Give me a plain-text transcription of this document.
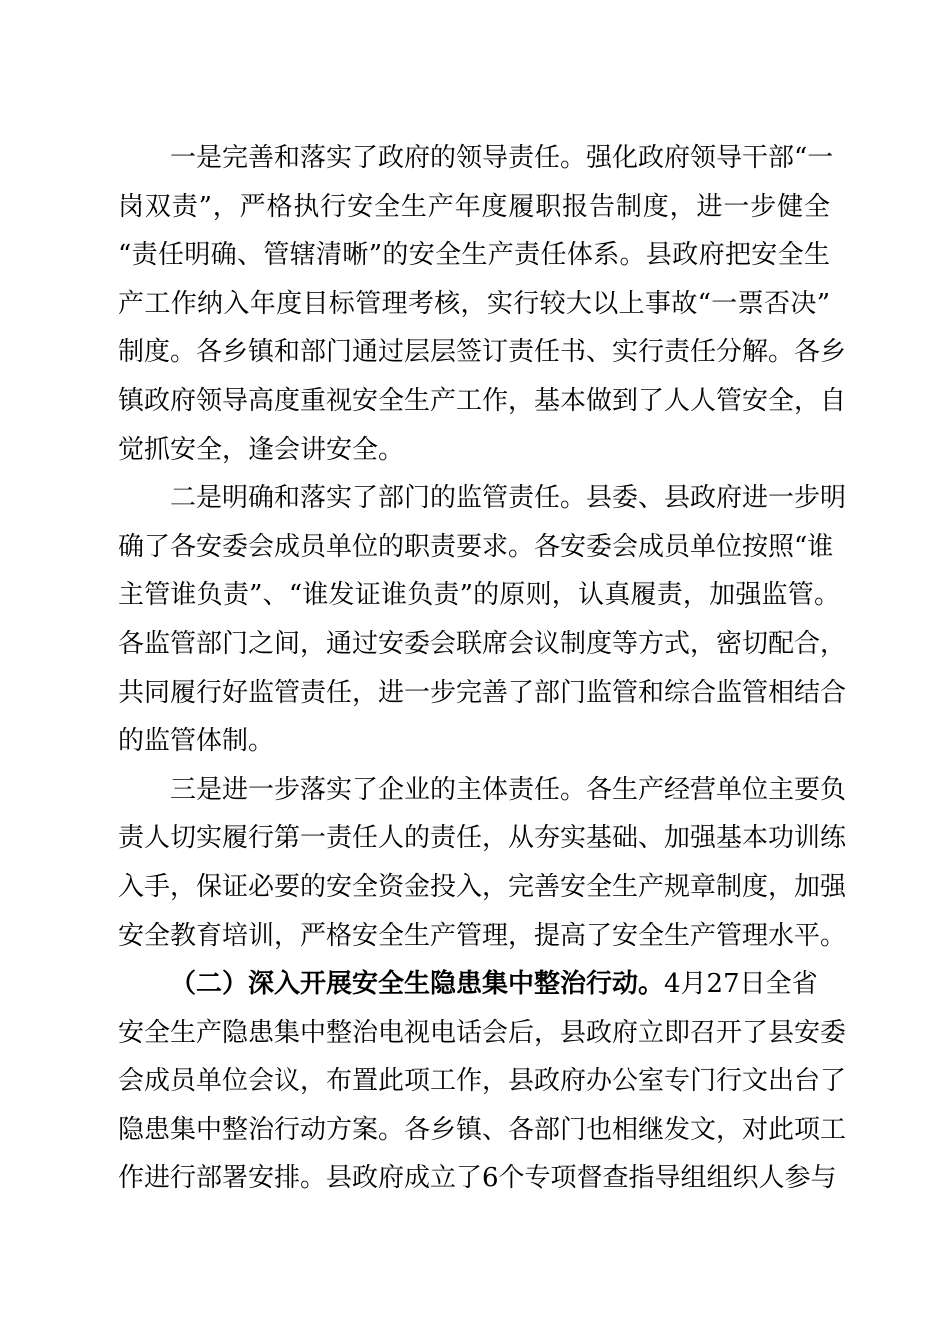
一是完善和落实了政府的领导责任。强化政府领导干部“一
岗双责”，严格执行安全生产年度履职报告制度，进一步健全
“责任明确、管辖清晰”的安全生产责任体系。县政府把安全生
产工作纳入年度目标管理考核，实行较大以上事故“一票否决”
制度。各乡镇和部门通过层层签订责任书、实行责任分解。各乡
镇政府领导高度重视安全生产工作，基本做到了人人管安全，自
觉抓安全，逢会讲安全。
二是明确和落实了部门的监管责任。县委、县政府进一步明
确了各安委会成员单位的职责要求。各安委会成员单位按照“谁
主管谁负责”、“谁发证谁负责”的原则，认真履责，加强监管。
各监管部门之间，通过安委会联席会议制度等方式，密切配合，
共同履行好监管责任，进一步完善了部门监管和综合监管相结合
的监管体制。
三是进一步落实了企业的主体责任。各生产经营单位主要负
责人切实履行第一责任人的责任，从夯实基础、加强基本功训练
入手，保证必要的安全资金投入，完善安全生产规章制度，加强
安全教育培训，严格安全生产管理，提高了安全生产管理水平。
（二）深入开展安全生隐患集中整治行动。4月27日全省
安全生产隐患集中整治电视电话会后，县政府立即召开了县安委
会成员单位会议，布置此项工作，县政府办公室专门行文出台了
隐患集中整治行动方案。各乡镇、各部门也相继发文，对此项工
作进行部署安排。县政府成立了6个专项督查指导组组织人参与
